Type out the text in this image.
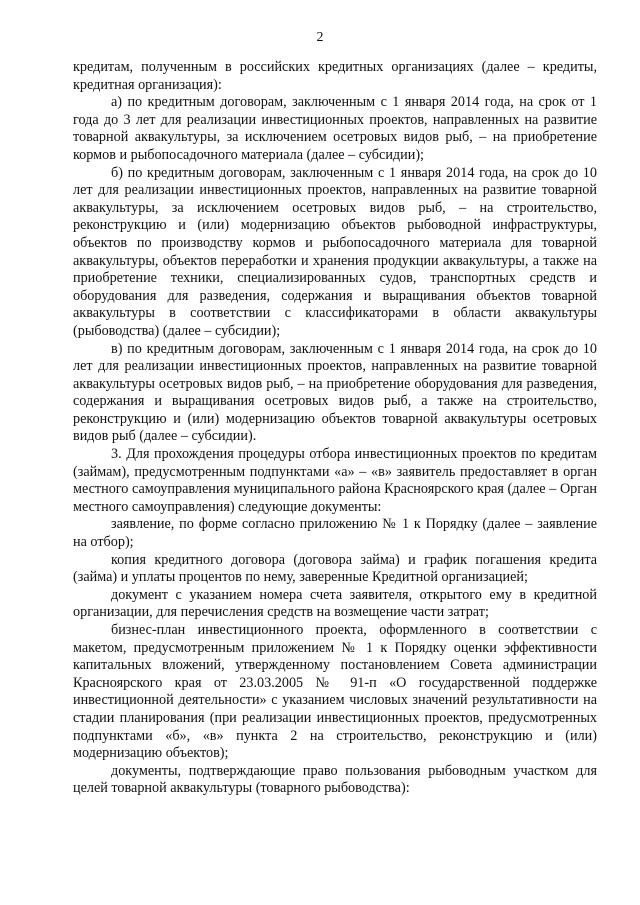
2

кредитам, полученным в российских кредитных организациях (далее – кредиты, кредитная организация):

а) по кредитным договорам, заключенным с 1 января 2014 года, на срок от 1 года до 3 лет для реализации инвестиционных проектов, направленных на развитие товарной аквакультуры, за исключением осетровых видов рыб, – на приобретение кормов и рыбопосадочного материала (далее – субсидии);

б) по кредитным договорам, заключенным с 1 января 2014 года, на срок до 10 лет для реализации инвестиционных проектов, направленных на развитие товарной аквакультуры, за исключением осетровых видов рыб, – на строительство, реконструкцию и (или) модернизацию объектов рыбоводной инфраструктуры, объектов по производству кормов и рыбопосадочного материала для товарной аквакультуры, объектов переработки и хранения продукции аквакультуры, а также на приобретение техники, специализированных судов, транспортных средств и оборудования для разведения, содержания и выращивания объектов товарной аквакультуры в соответствии с классификаторами в области аквакультуры (рыбоводства) (далее – субсидии);

в) по кредитным договорам, заключенным с 1 января 2014 года, на срок до 10 лет для реализации инвестиционных проектов, направленных на развитие товарной аквакультуры осетровых видов рыб, – на приобретение оборудования для разведения, содержания и выращивания осетровых видов рыб, а также на строительство, реконструкцию и (или) модернизацию объектов товарной аквакультуры осетровых видов рыб (далее – субсидии).

3. Для прохождения процедуры отбора инвестиционных проектов по кредитам (займам), предусмотренным подпунктами «а» – «в» заявитель предоставляет в орган местного самоуправления муниципального района Красноярского края (далее – Орган местного самоуправления) следующие документы:

заявление, по форме согласно приложению № 1 к Порядку (далее – заявление на отбор);

копия кредитного договора (договора займа) и график погашения кредита (займа) и уплаты процентов по нему, заверенные Кредитной организацией;

документ с указанием номера счета заявителя, открытого ему в кредитной организации, для перечисления средств на возмещение части затрат;

бизнес-план инвестиционного проекта, оформленного в соответствии с макетом, предусмотренным приложением № 1 к Порядку оценки эффективности капитальных вложений, утвержденному постановлением Совета администрации Красноярского края от 23.03.2005 № 91-п «О государственной поддержке инвестиционной деятельности» с указанием числовых значений результативности на стадии планирования (при реализации инвестиционных проектов, предусмотренных подпунктами «б», «в» пункта 2 на строительство, реконструкцию и (или) модернизацию объектов);

документы, подтверждающие право пользования рыбоводным участком для целей товарной аквакультуры (товарного рыбоводства):
